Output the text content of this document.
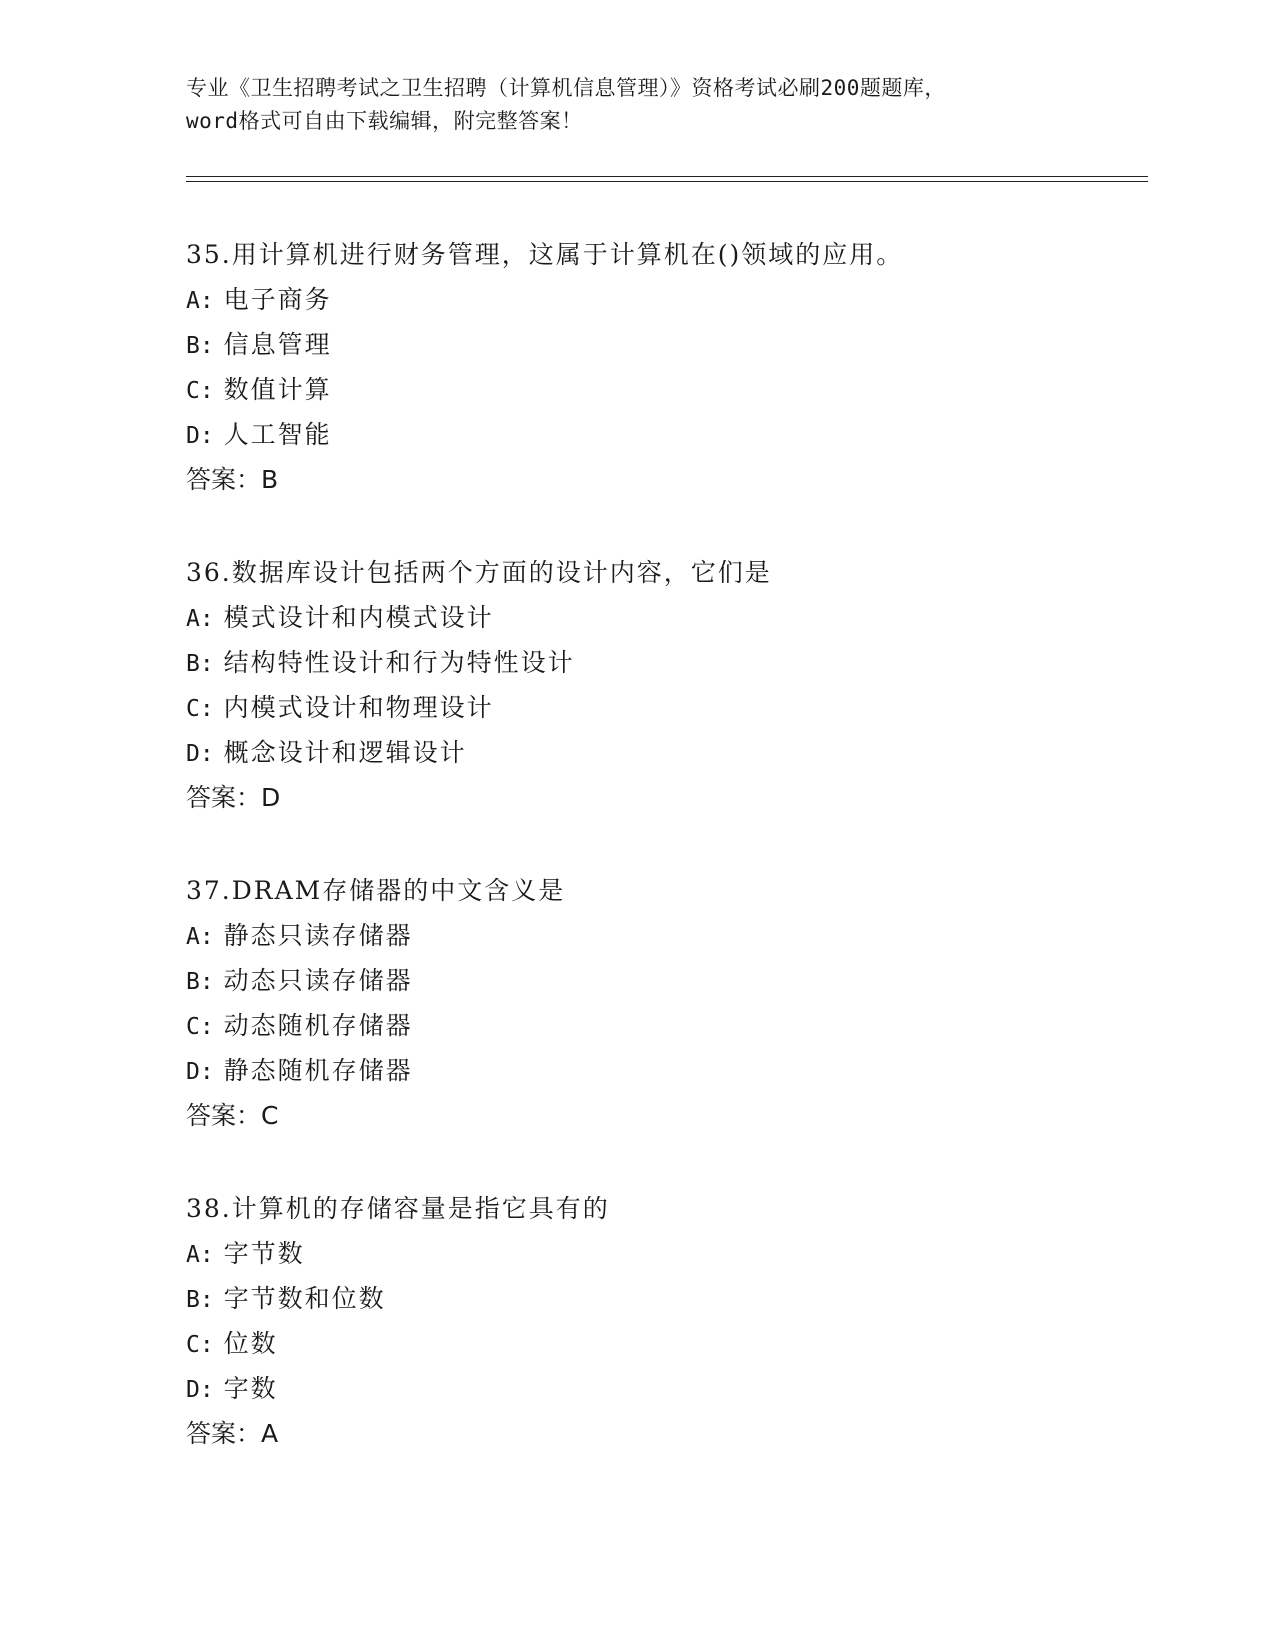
专业《卫生招聘考试之卫生招聘（计算机信息管理）》资格考试必刷200题题库，
word格式可自由下载编辑，附完整答案！
35.用计算机进行财务管理，这属于计算机在()领域的应用。
A: 电子商务
B: 信息管理
C: 数值计算
D: 人工智能
答案：B
36.数据库设计包括两个方面的设计内容，它们是
A: 模式设计和内模式设计
B: 结构特性设计和行为特性设计
C: 内模式设计和物理设计
D: 概念设计和逻辑设计
答案：D
37.DRAM存储器的中文含义是
A: 静态只读存储器
B: 动态只读存储器
C: 动态随机存储器
D: 静态随机存储器
答案：C
38.计算机的存储容量是指它具有的
A: 字节数
B: 字节数和位数
C: 位数
D: 字数
答案：A
